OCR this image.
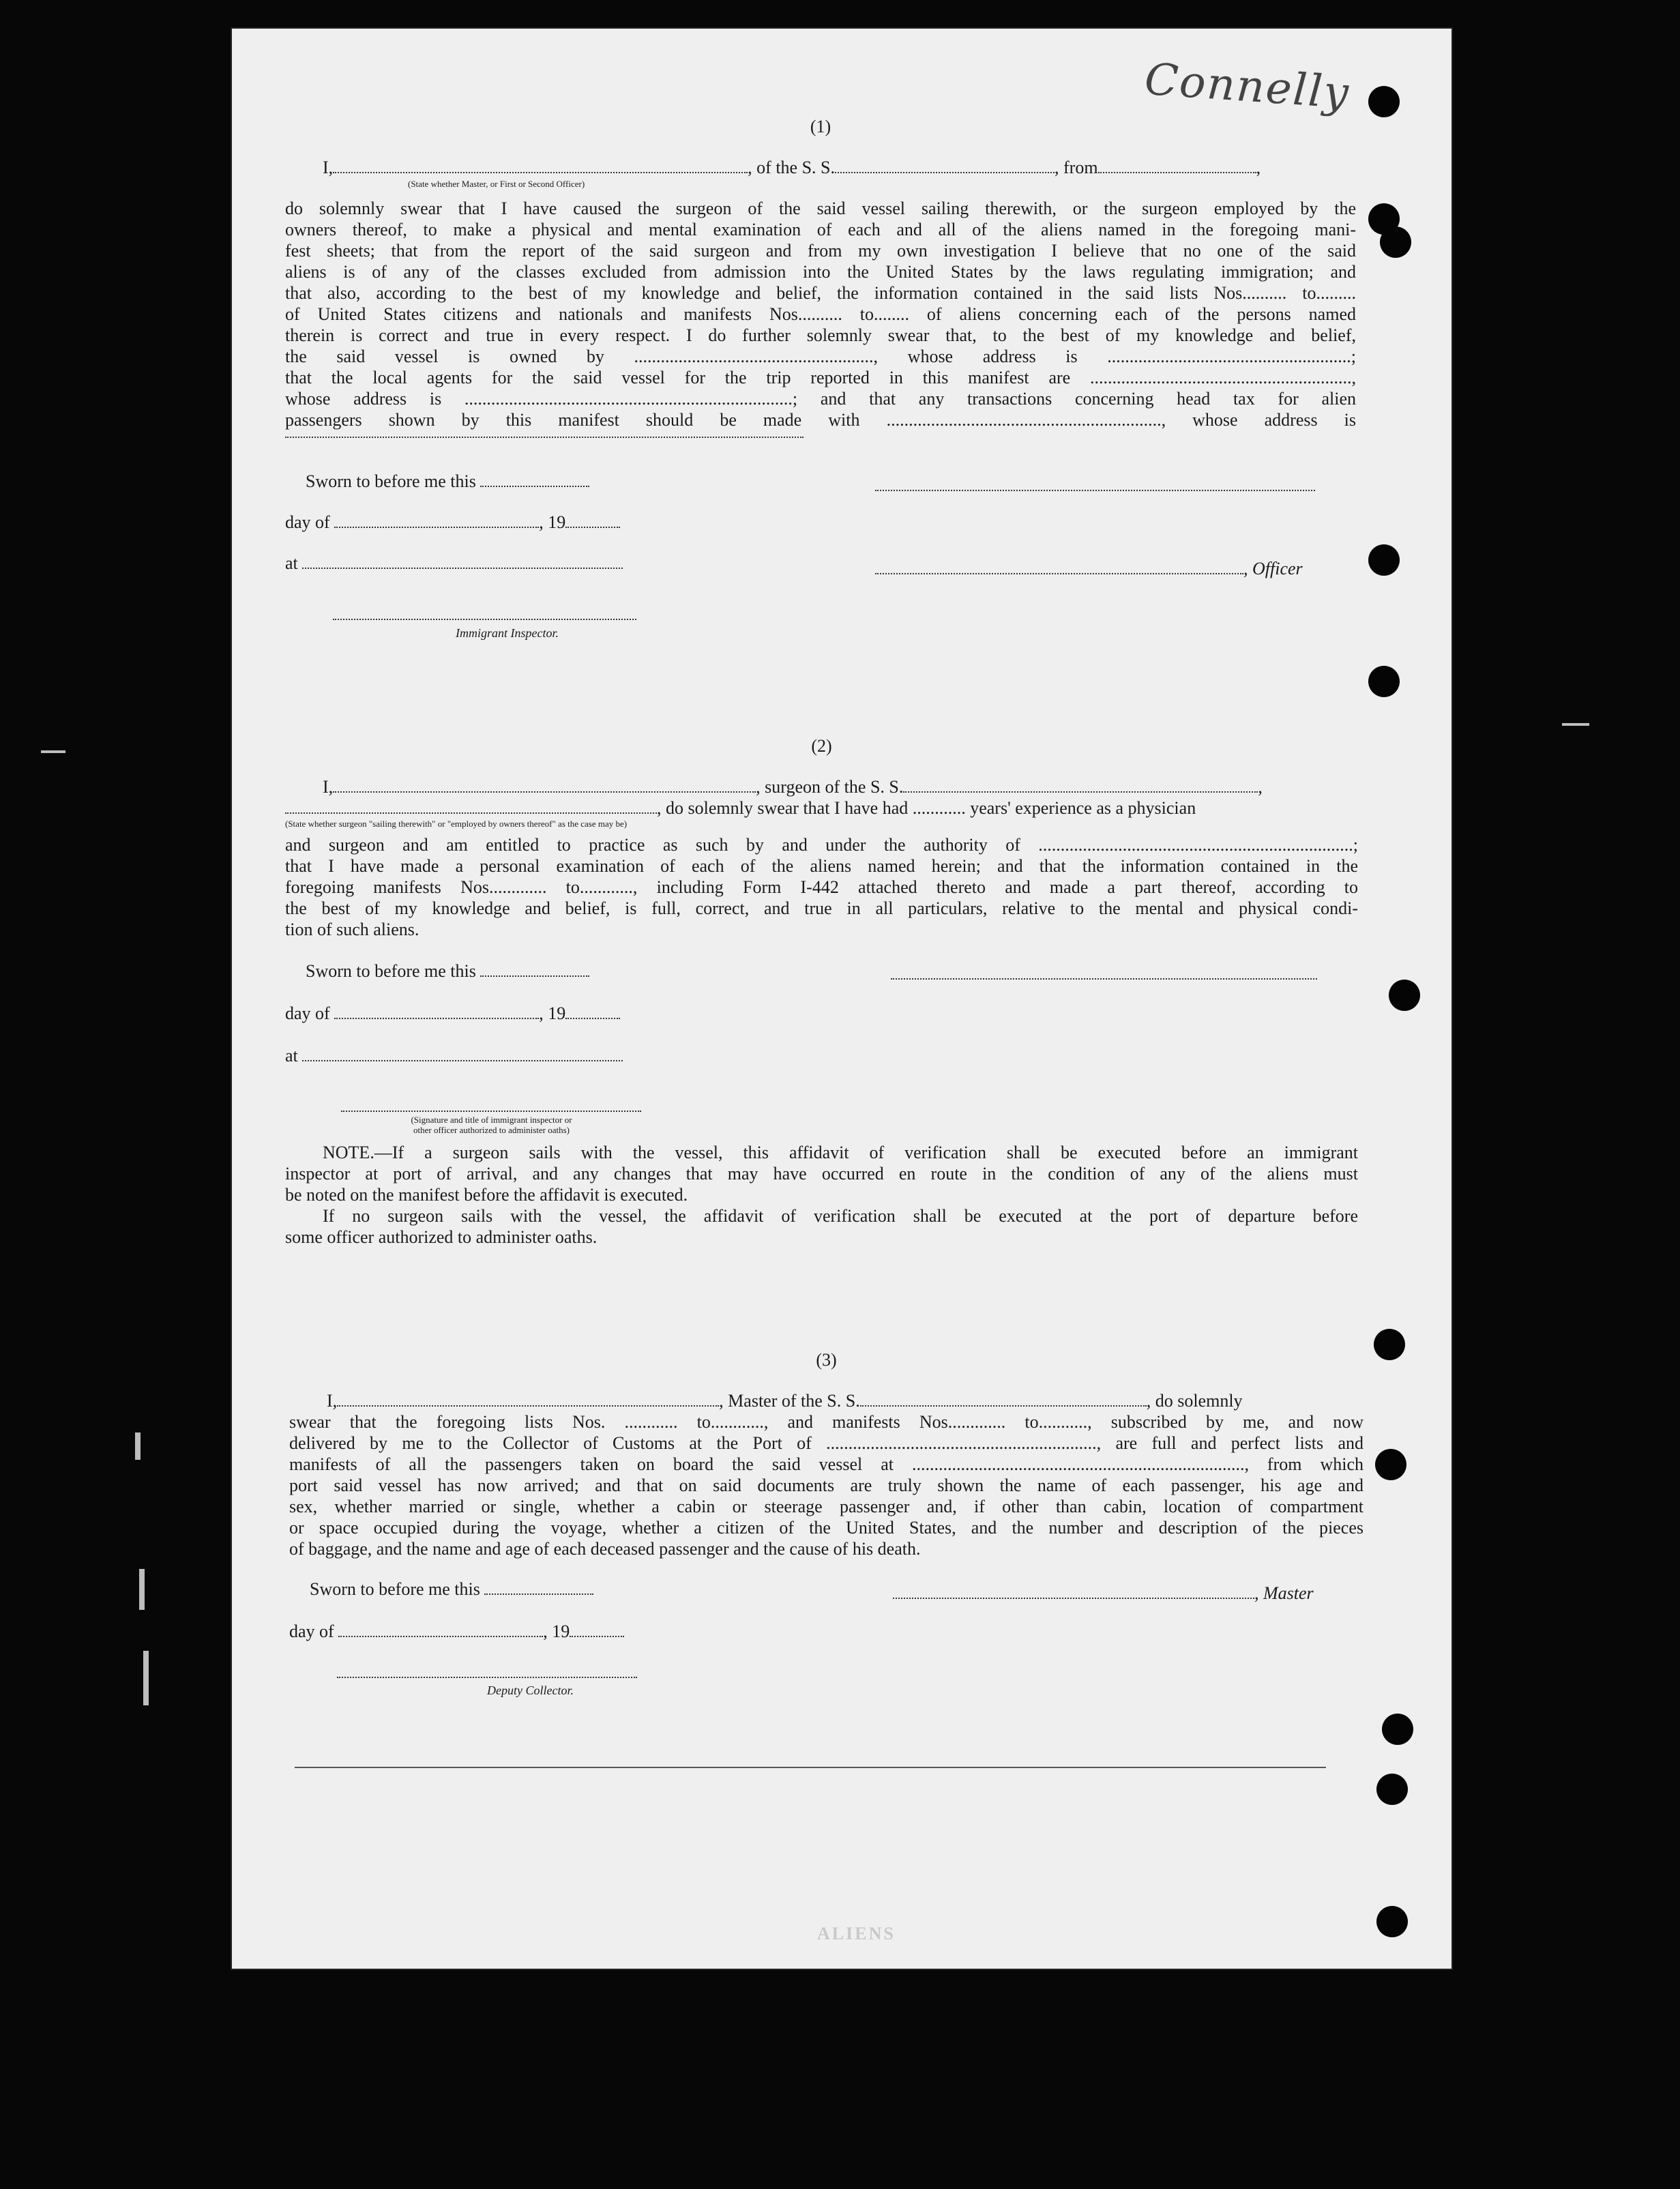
Connelly
ALIENS
(1)
I,	, of the S. S.	, from	,
(State whether Master, or First or Second Officer)
do solemnly swear that I have caused the surgeon of the said vessel sailing therewith, or the surgeon employed by the
owners thereof, to make a physical and mental examination of each and all of the aliens named in the foregoing mani-
fest sheets; that from the report of the said surgeon and from my own investigation I believe that no one of the said
aliens is of any of the classes excluded from admission into the United States by the laws regulating immigration; and
that also, according to the best of my knowledge and belief, the information contained in the said lists Nos.......... to.........
of United States citizens and nationals and manifests Nos.......... to........ of aliens concerning each of the persons named
therein is correct and true in every respect. I do further solemnly swear that, to the best of my knowledge and belief,
the said vessel is owned by ......................................................, whose address is .......................................................;
that the local agents for the said vessel for the trip reported in this manifest are ...........................................................,
whose address is ..........................................................................; and that any transactions concerning head tax for alien
passengers shown by this manifest should be made with .............................................................., whose address is
Sworn to before me this
day of	, 19
, Officer
at
Immigrant Inspector.
(2)
I,	, surgeon of the S. S.	,
, do solemnly swear that I have had ............ years' experience as a physician
(State whether surgeon "sailing therewith" or "employed by owners thereof" as the case may be)
and surgeon and am entitled to practice as such by and under the authority of .......................................................................;
that I have made a personal examination of each of the aliens named herein; and that the information contained in the
foregoing manifests Nos............. to............, including Form I-442 attached thereto and made a part thereof, according to
the best of my knowledge and belief, is full, correct, and true in all particulars, relative to the mental and physical condi-
tion of such aliens.
Sworn to before me this
day of	, 19
at
(Signature and title of immigrant inspector or
other officer authorized to administer oaths)
NOTE.—If a surgeon sails with the vessel, this affidavit of verification shall be executed before an immigrant
inspector at port of arrival, and any changes that may have occurred en route in the condition of any of the aliens must
be noted on the manifest before the affidavit is executed.
If no surgeon sails with the vessel, the affidavit of verification shall be executed at the port of departure before
some officer authorized to administer oaths.
(3)
I,	, Master of the S. S.	, do solemnly
swear that the foregoing lists Nos. ............ to............, and manifests Nos............. to..........., subscribed by me, and now
delivered by me to the Collector of Customs at the Port of ............................................................., are full and perfect lists and
manifests of all the passengers taken on board the said vessel at ..........................................................................., from which
port said vessel has now arrived; and that on said documents are truly shown the name of each passenger, his age and
sex, whether married or single, whether a cabin or steerage passenger and, if other than cabin, location of compartment
or space occupied during the voyage, whether a citizen of the United States, and the number and description of the pieces
of baggage, and the name and age of each deceased passenger and the cause of his death.
Sworn to before me this	, Master
day of	, 19
Deputy Collector.
